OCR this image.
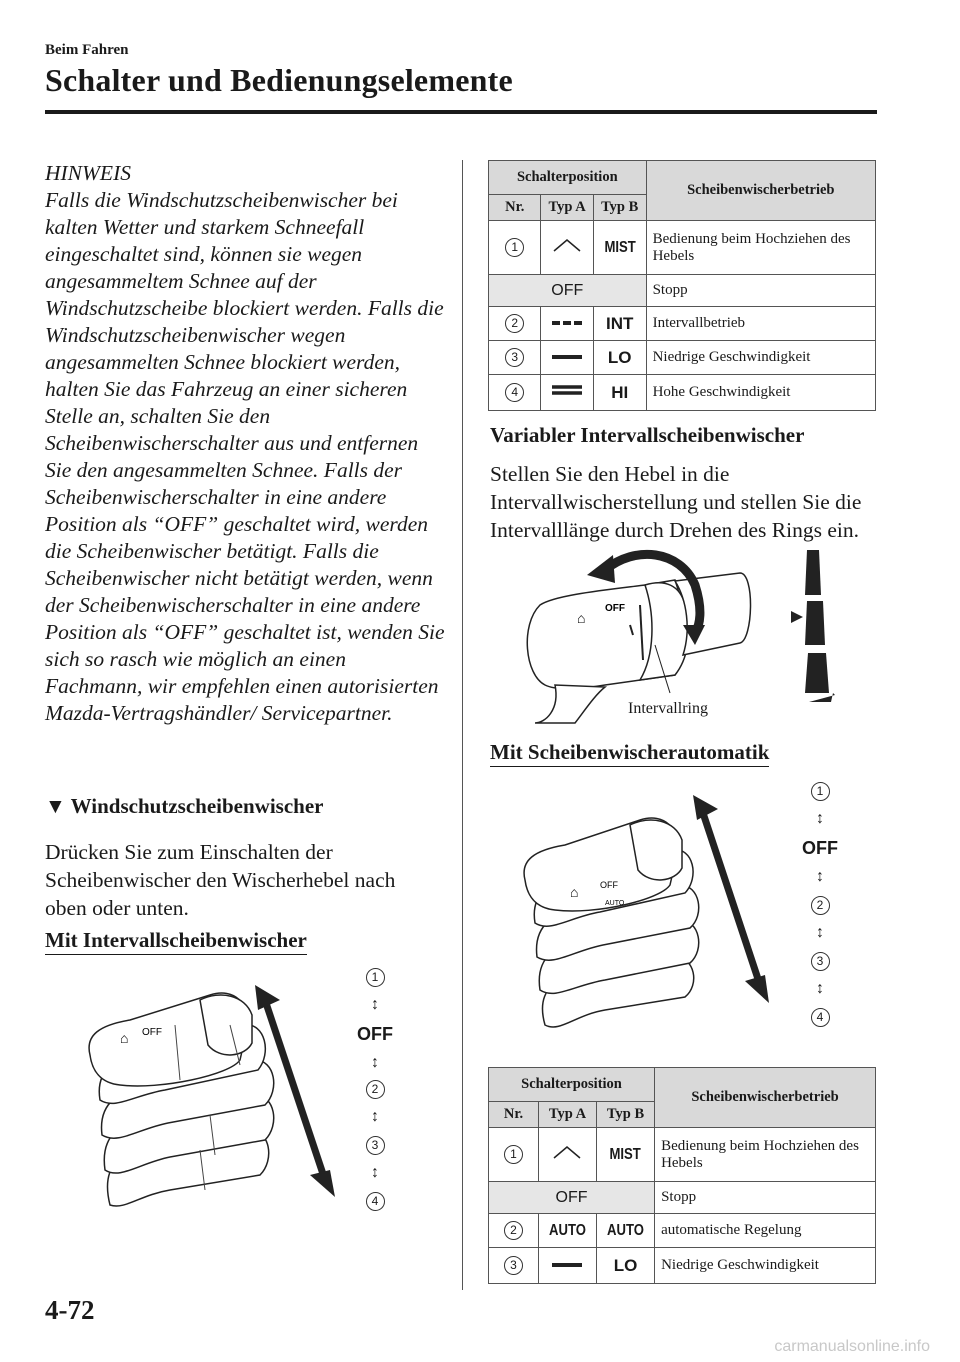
Beim Fahren
Schalter und Bedienungselemente
HINWEIS
Falls die Windschutzscheibenwischer bei kalten Wetter und starkem Schneefall eingeschaltet sind, können sie wegen angesammeltem Schnee auf der Windschutzscheibe blockiert werden. Falls die Windschutzscheibenwischer wegen angesammelten Schnee blockiert werden, halten Sie das Fahrzeug an einer sicheren Stelle an, schalten Sie den Scheibenwischerschalter aus und entfernen Sie den angesammelten Schnee. Falls der Scheibenwischerschalter in eine andere Position als “OFF” geschaltet wird, werden die Scheibenwischer betätigt. Falls die Scheibenwischer nicht betätigt werden, wenn der Scheibenwischerschalter in eine andere Position als “OFF” geschaltet ist, wenden Sie sich so rasch wie möglich an einen Fachmann, wir empfehlen einen autorisierten Mazda-Vertragshändler/ Servicepartner.
▼ Windschutzscheibenwischer
Drücken Sie zum Einschalten der Scheibenwischer den Wischerhebel nach oben oder unten.
Mit Intervallscheibenwischer
OFF
⌂
1
↕
OFF
↕
2
↕
3
↕
4
Schalterposition			Scheibenwischerbetrieb
Nr.	Typ A	Typ B	
1		MIST	Bedienung beim Hochziehen des Hebels
OFF			Stopp
2		INT	Intervallbetrieb
3		LO	Niedrige Geschwindigkeit
4		HI	Hohe Geschwindigkeit
Variabler Intervallscheibenwischer
Stellen Sie den Hebel in die Intervallwischerstellung und stellen Sie die Intervalllänge durch Drehen des Rings ein.
OFF
⌂
Intervallring
Mit Scheibenwischerautomatik
OFF
AUTO
⌂
1
↕
OFF
↕
2
↕
3
↕
4
Schalterposition			Scheibenwischerbetrieb
Nr.	Typ A	Typ B	
1		MIST	Bedienung beim Hochziehen des Hebels
OFF			Stopp
2	AUTO	AUTO	automatische Regelung
3		LO	Niedrige Geschwindigkeit
4-72
carmanualsonline.info
